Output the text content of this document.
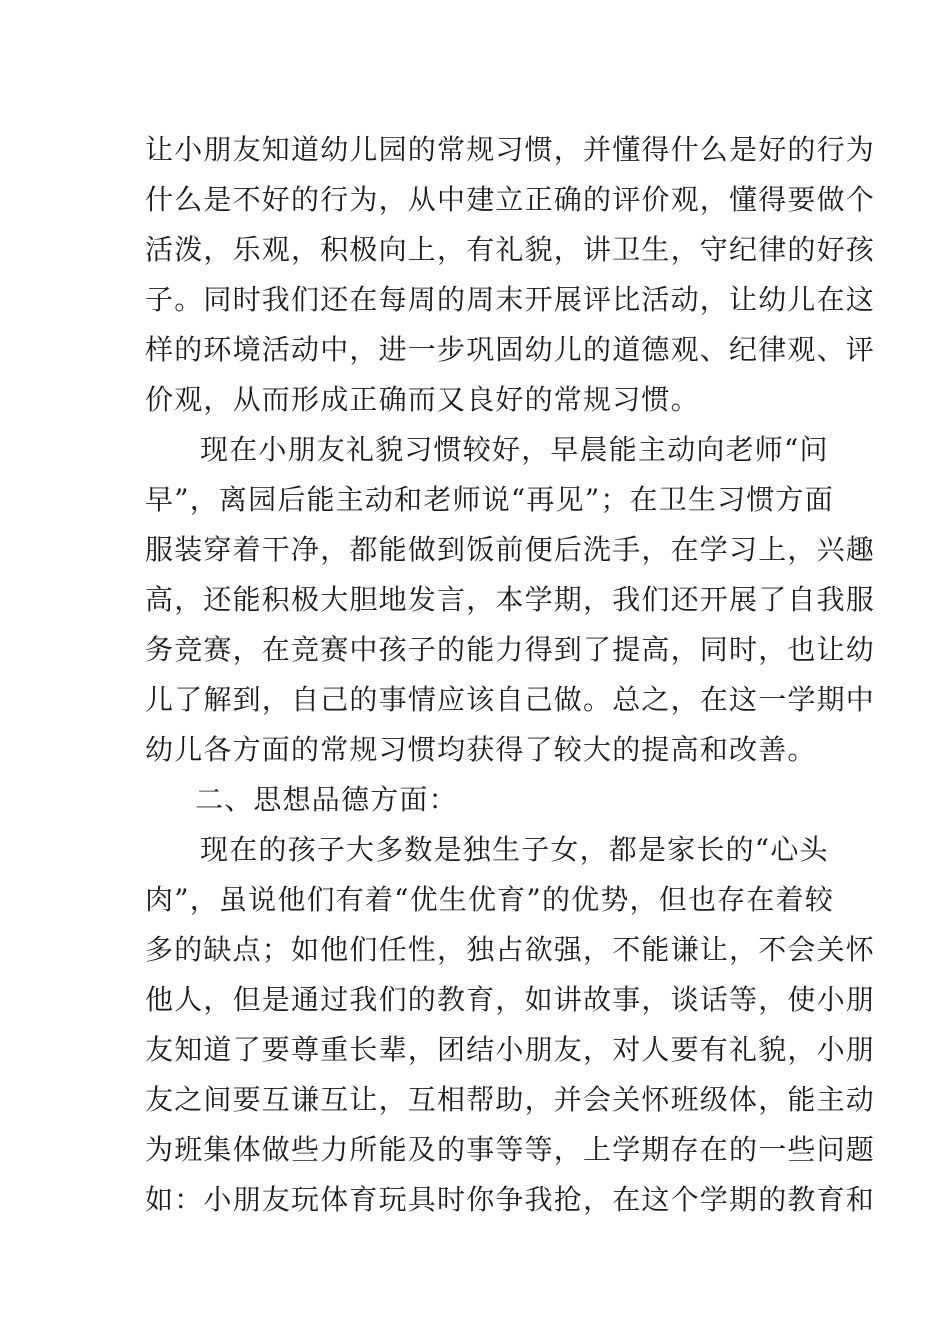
让小朋友知道幼儿园的常规习惯，并懂得什么是好的行为
什么是不好的行为，从中建立正确的评价观，懂得要做个
活泼，乐观，积极向上，有礼貌，讲卫生，守纪律的好孩
子。同时我们还在每周的周末开展评比活动，让幼儿在这
样的环境活动中，进一步巩固幼儿的道德观、纪律观、评
价观，从而形成正确而又良好的常规习惯。
现在小朋友礼貌习惯较好，早晨能主动向老师“问
早”，离园后能主动和老师说“再见”；在卫生习惯方面
服装穿着干净，都能做到饭前便后洗手，在学习上，兴趣
高，还能积极大胆地发言，本学期，我们还开展了自我服
务竞赛，在竞赛中孩子的能力得到了提高，同时，也让幼
儿了解到，自己的事情应该自己做。总之，在这一学期中
幼儿各方面的常规习惯均获得了较大的提高和改善。
二、思想品德方面：
现在的孩子大多数是独生子女，都是家长的“心头
肉”，虽说他们有着“优生优育”的优势，但也存在着较
多的缺点；如他们任性，独占欲强，不能谦让，不会关怀
他人，但是通过我们的教育，如讲故事，谈话等，使小朋
友知道了要尊重长辈，团结小朋友，对人要有礼貌，小朋
友之间要互谦互让，互相帮助，并会关怀班级体，能主动
为班集体做些力所能及的事等等，上学期存在的一些问题
如：小朋友玩体育玩具时你争我抢，在这个学期的教育和
